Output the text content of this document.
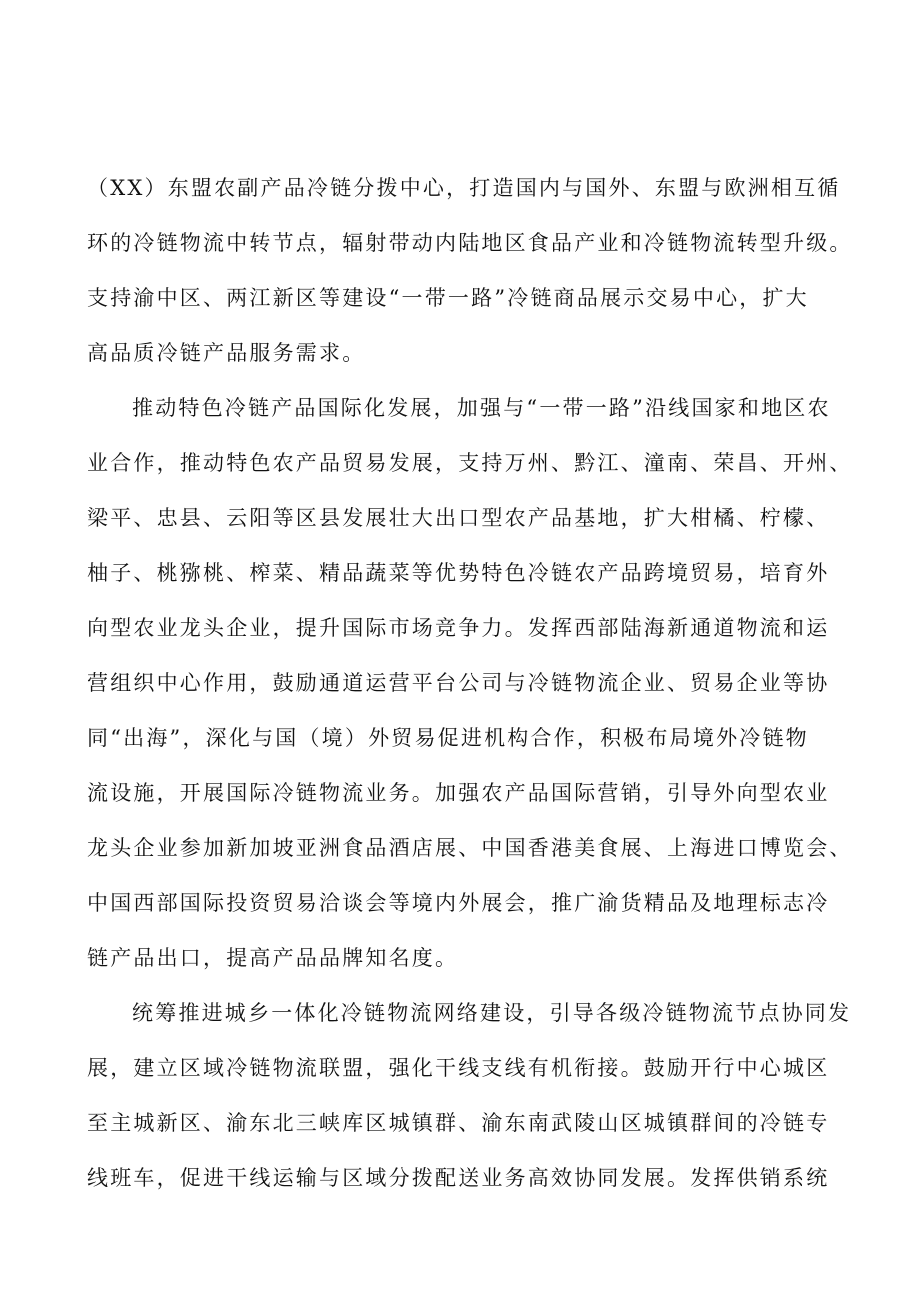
（XX）东盟农副产品冷链分拨中心，打造国内与国外、东盟与欧洲相互循
环的冷链物流中转节点，辐射带动内陆地区食品产业和冷链物流转型升级。
支持渝中区、两江新区等建设“一带一路”冷链商品展示交易中心，扩大
高品质冷链产品服务需求。
推动特色冷链产品国际化发展，加强与“一带一路”沿线国家和地区农
业合作，推动特色农产品贸易发展，支持万州、黔江、潼南、荣昌、开州、
梁平、忠县、云阳等区县发展壮大出口型农产品基地，扩大柑橘、柠檬、
柚子、桃猕桃、榨菜、精品蔬菜等优势特色冷链农产品跨境贸易，培育外
向型农业龙头企业，提升国际市场竞争力。发挥西部陆海新通道物流和运
营组织中心作用，鼓励通道运营平台公司与冷链物流企业、贸易企业等协
同“出海”，深化与国（境）外贸易促进机构合作，积极布局境外冷链物
流设施，开展国际冷链物流业务。加强农产品国际营销，引导外向型农业
龙头企业参加新加坡亚洲食品酒店展、中国香港美食展、上海进口博览会、
中国西部国际投资贸易洽谈会等境内外展会，推广渝货精品及地理标志冷
链产品出口，提高产品品牌知名度。
统筹推进城乡一体化冷链物流网络建设，引导各级冷链物流节点协同发
展，建立区域冷链物流联盟，强化干线支线有机衔接。鼓励开行中心城区
至主城新区、渝东北三峡库区城镇群、渝东南武陵山区城镇群间的冷链专
线班车，促进干线运输与区域分拨配送业务高效协同发展。发挥供销系统
